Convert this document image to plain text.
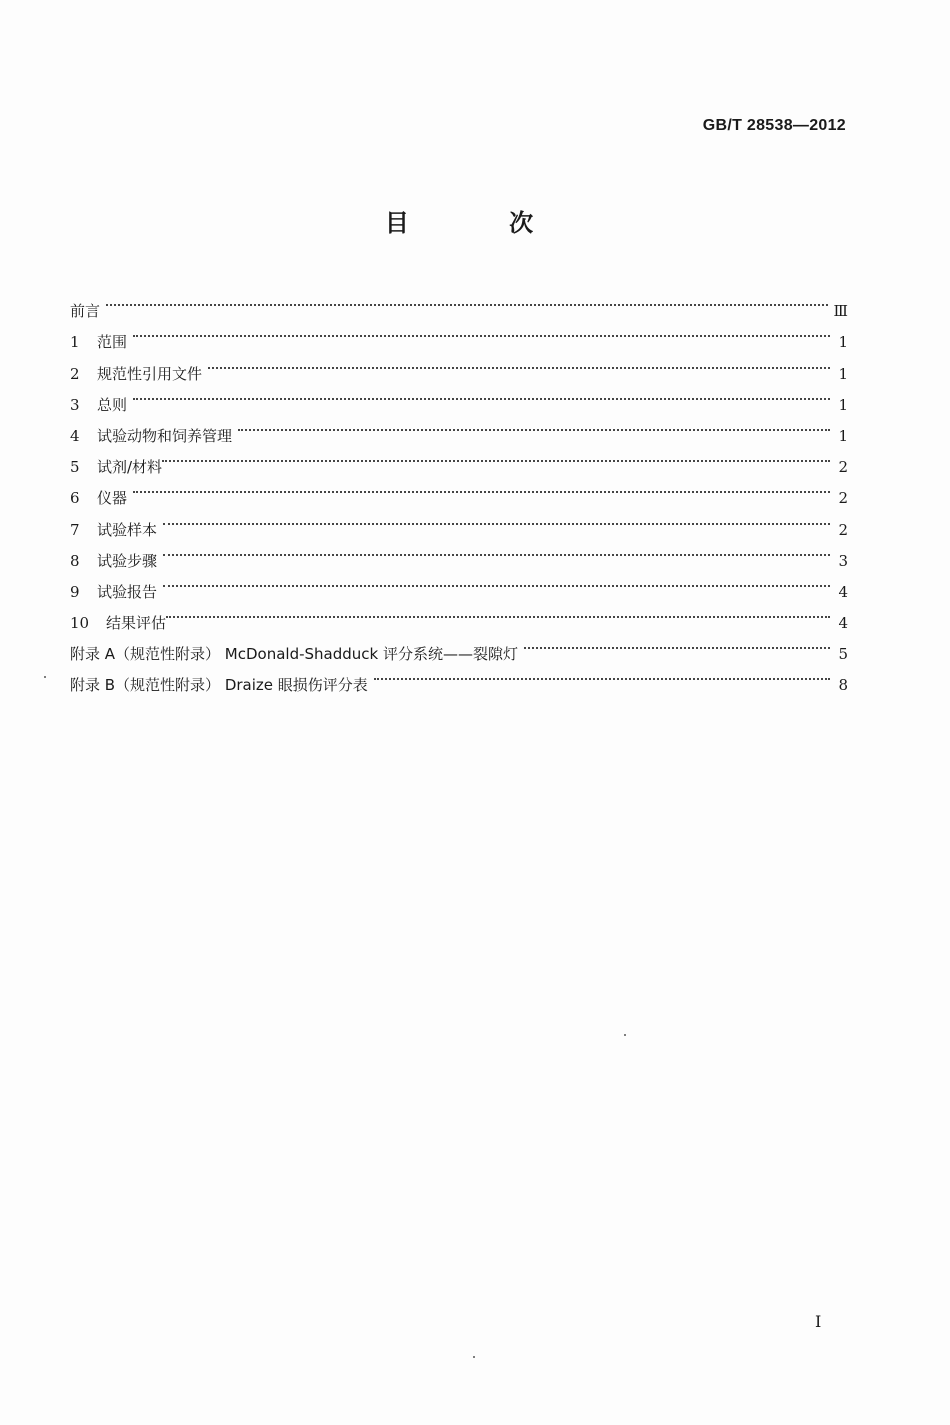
GB/T 28538—2012
目 次
前言	Ⅲ
1	范围	1
2	规范性引用文件	1
3	总则	1
4	试验动物和饲养管理	1
5	试剂/材料	2
6	仪器	2
7	试验样本	2
8	试验步骤	3
9	试验报告	4
10	结果评估	4
附录 A（规范性附录） McDonald-Shadduck 评分系统——裂隙灯	5
附录 B（规范性附录） Draize 眼损伤评分表	8
I
